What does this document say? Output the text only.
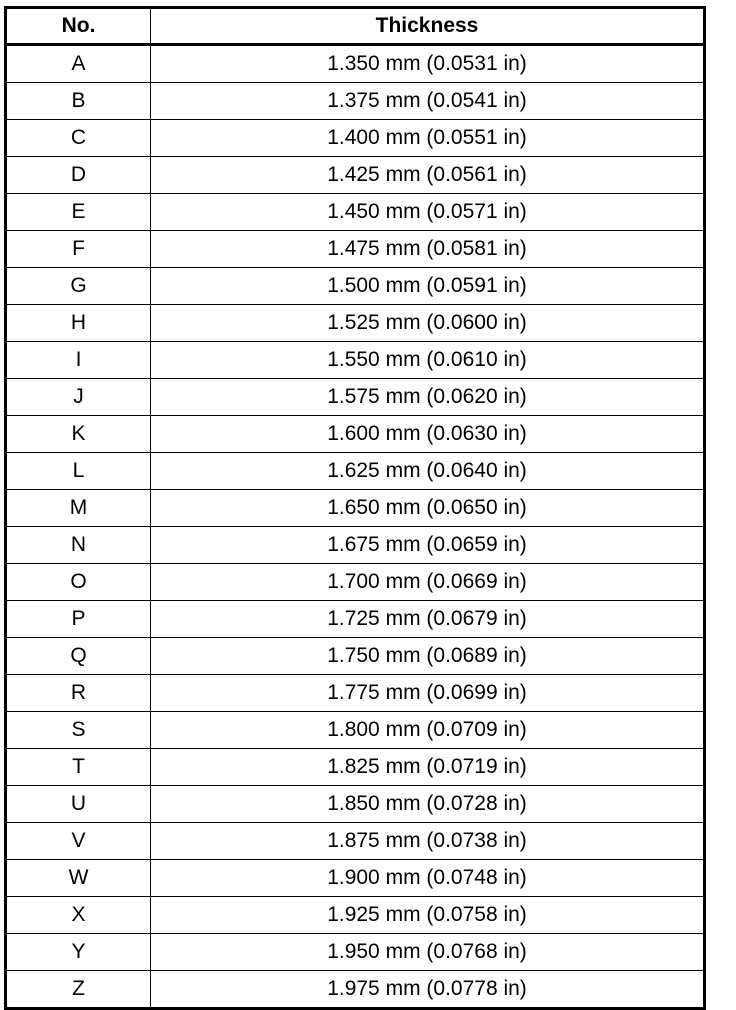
No.	Thickness
A	1.350 mm (0.0531 in)
B	1.375 mm (0.0541 in)
C	1.400 mm (0.0551 in)
D	1.425 mm (0.0561 in)
E	1.450 mm (0.0571 in)
F	1.475 mm (0.0581 in)
G	1.500 mm (0.0591 in)
H	1.525 mm (0.0600 in)
I	1.550 mm (0.0610 in)
J	1.575 mm (0.0620 in)
K	1.600 mm (0.0630 in)
L	1.625 mm (0.0640 in)
M	1.650 mm (0.0650 in)
N	1.675 mm (0.0659 in)
O	1.700 mm (0.0669 in)
P	1.725 mm (0.0679 in)
Q	1.750 mm (0.0689 in)
R	1.775 mm (0.0699 in)
S	1.800 mm (0.0709 in)
T	1.825 mm (0.0719 in)
U	1.850 mm (0.0728 in)
V	1.875 mm (0.0738 in)
W	1.900 mm (0.0748 in)
X	1.925 mm (0.0758 in)
Y	1.950 mm (0.0768 in)
Z	1.975 mm (0.0778 in)
